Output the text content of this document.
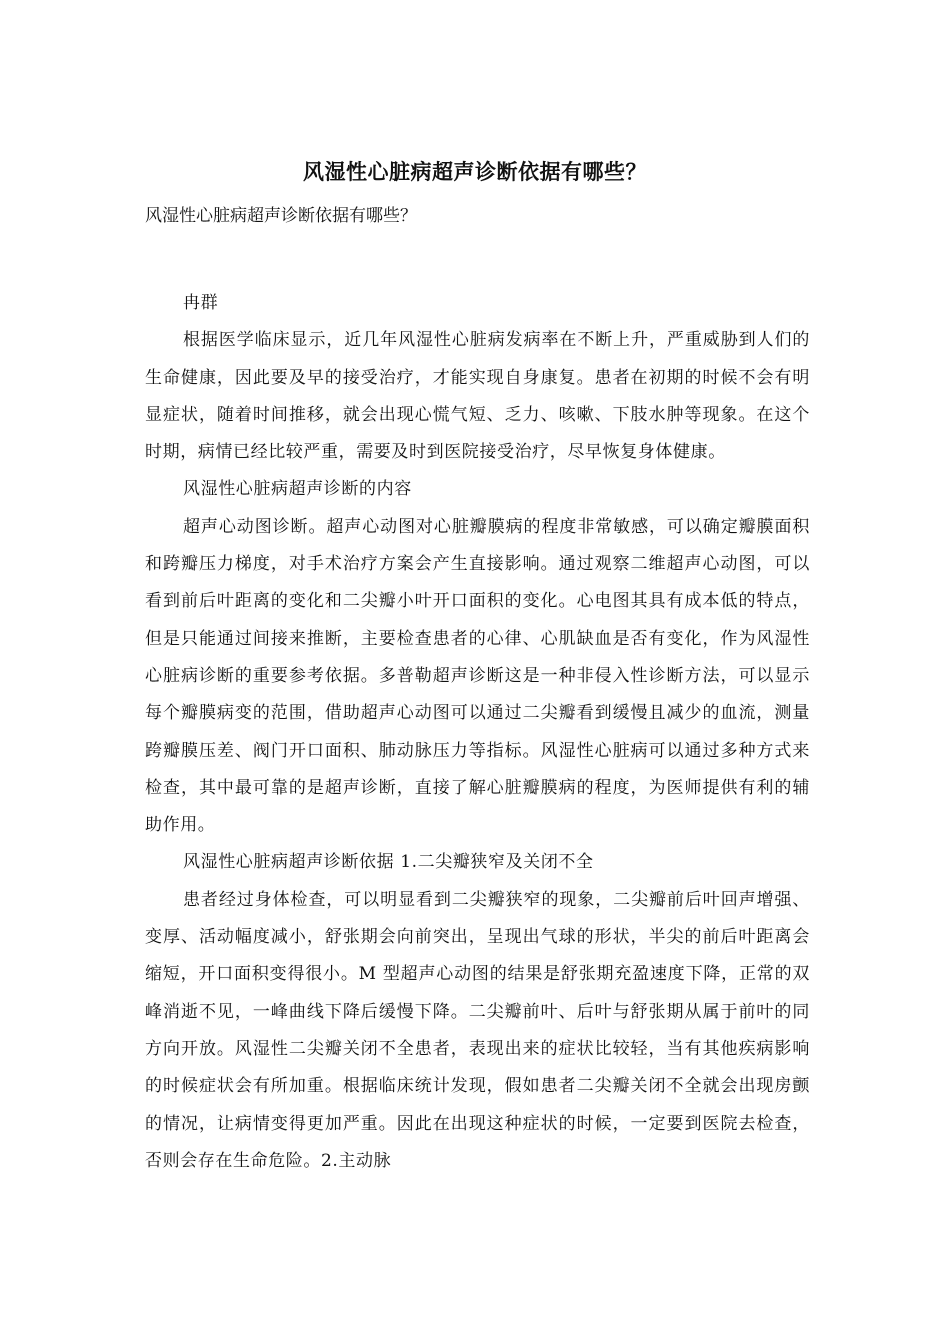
风湿性心脏病超声诊断依据有哪些？
风湿性心脏病超声诊断依据有哪些？

冉群

根据医学临床显示，近几年风湿性心脏病发病率在不断上升，严重威胁到人们的生命健康，因此要及早的接受治疗，才能实现自身康复。患者在初期的时候不会有明显症状，随着时间推移，就会出现心慌气短、乏力、咳嗽、下肢水肿等现象。在这个时期，病情已经比较严重，需要及时到医院接受治疗，尽早恢复身体健康。

风湿性心脏病超声诊断的内容

超声心动图诊断。超声心动图对心脏瓣膜病的程度非常敏感，可以确定瓣膜面积和跨瓣压力梯度，对手术治疗方案会产生直接影响。通过观察二维超声心动图，可以看到前后叶距离的变化和二尖瓣小叶开口面积的变化。心电图其具有成本低的特点，但是只能通过间接来推断，主要检查患者的心律、心肌缺血是否有变化，作为风湿性心脏病诊断的重要参考依据。多普勒超声诊断这是一种非侵入性诊断方法，可以显示每个瓣膜病变的范围，借助超声心动图可以通过二尖瓣看到缓慢且减少的血流，测量跨瓣膜压差、阀门开口面积、肺动脉压力等指标。风湿性心脏病可以通过多种方式来检查，其中最可靠的是超声诊断，直接了解心脏瓣膜病的程度，为医师提供有利的辅助作用。

风湿性心脏病超声诊断依据 1.二尖瓣狭窄及关闭不全

患者经过身体检查，可以明显看到二尖瓣狭窄的现象，二尖瓣前后叶回声增强、变厚、活动幅度减小，舒张期会向前突出，呈现出气球的形状，半尖的前后叶距离会缩短，开口面积变得很小。M 型超声心动图的结果是舒张期充盈速度下降，正常的双峰消逝不见，一峰曲线下降后缓慢下降。二尖瓣前叶、后叶与舒张期从属于前叶的同方向开放。风湿性二尖瓣关闭不全患者，表现出来的症状比较轻，当有其他疾病影响的时候症状会有所加重。根据临床统计发现，假如患者二尖瓣关闭不全就会出现房颤的情况，让病情变得更加严重。因此在出现这种症状的时候，一定要到医院去检查，否则会存在生命危险。2.主动脉
